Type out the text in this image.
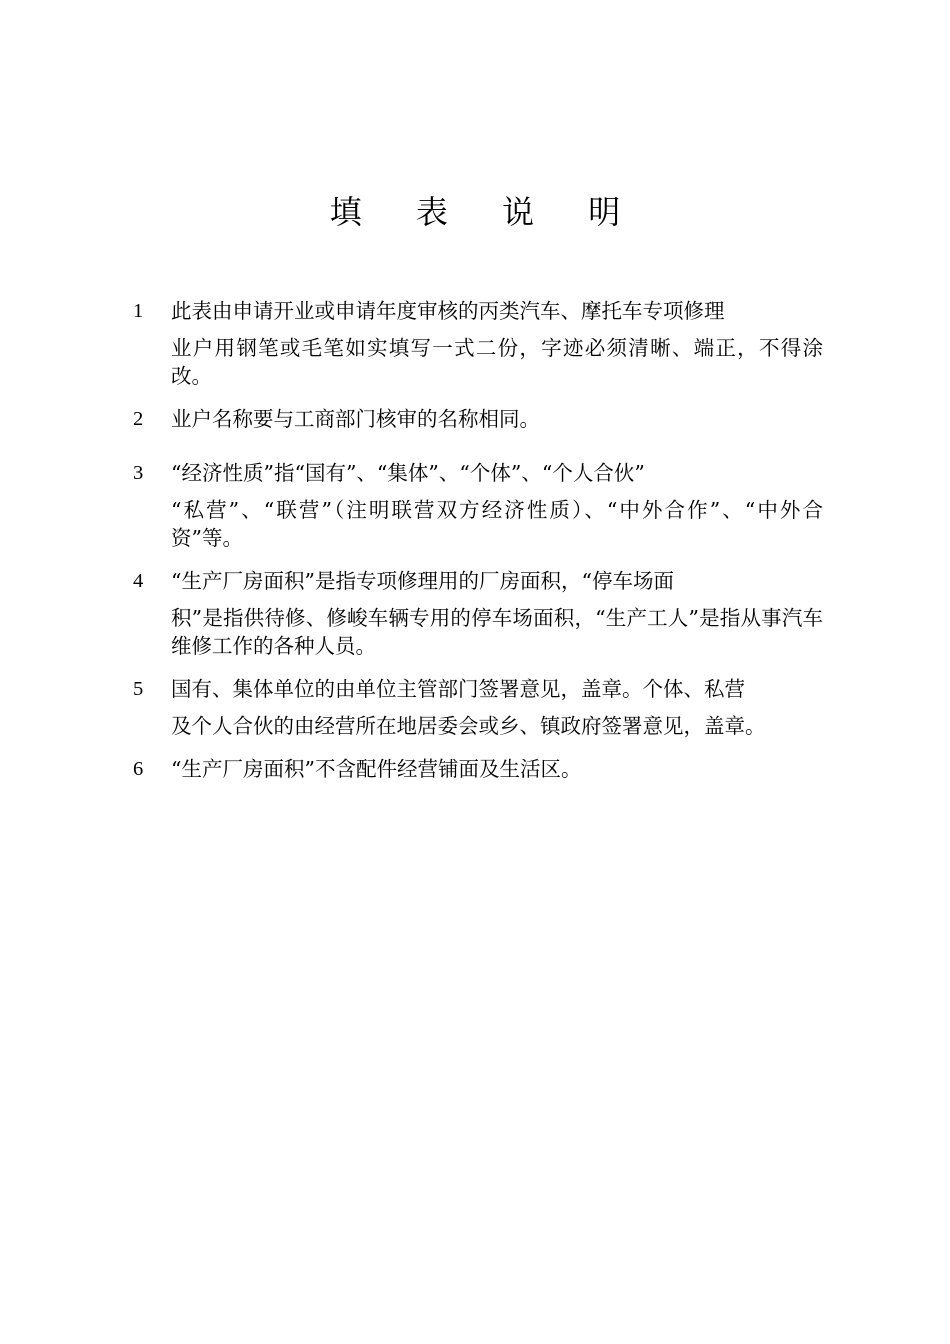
填 表 说 明
1	此表由申请开业或申请年度审核的丙类汽车、摩托车专项修理
业户用钢笔或毛笔如实填写一式二份，字迹必须清晰、端正，不得涂改。
2	业户名称要与工商部门核审的名称相同。
3	“经济性质”指“国有”、“集体”、“个体”、“个人合伙”
“私营”、“联营”（注明联营双方经济性质）、“中外合作”、“中外合资”等。
4	“生产厂房面积”是指专项修理用的厂房面积，“停车场面
积”是指供待修、修峻车辆专用的停车场面积，“生产工人”是指从事汽车维修工作的各种人员。
5	国有、集体单位的由单位主管部门签署意见，盖章。个体、私营
及个人合伙的由经营所在地居委会或乡、镇政府签署意见，盖章。
6	“生产厂房面积”不含配件经营铺面及生活区。
